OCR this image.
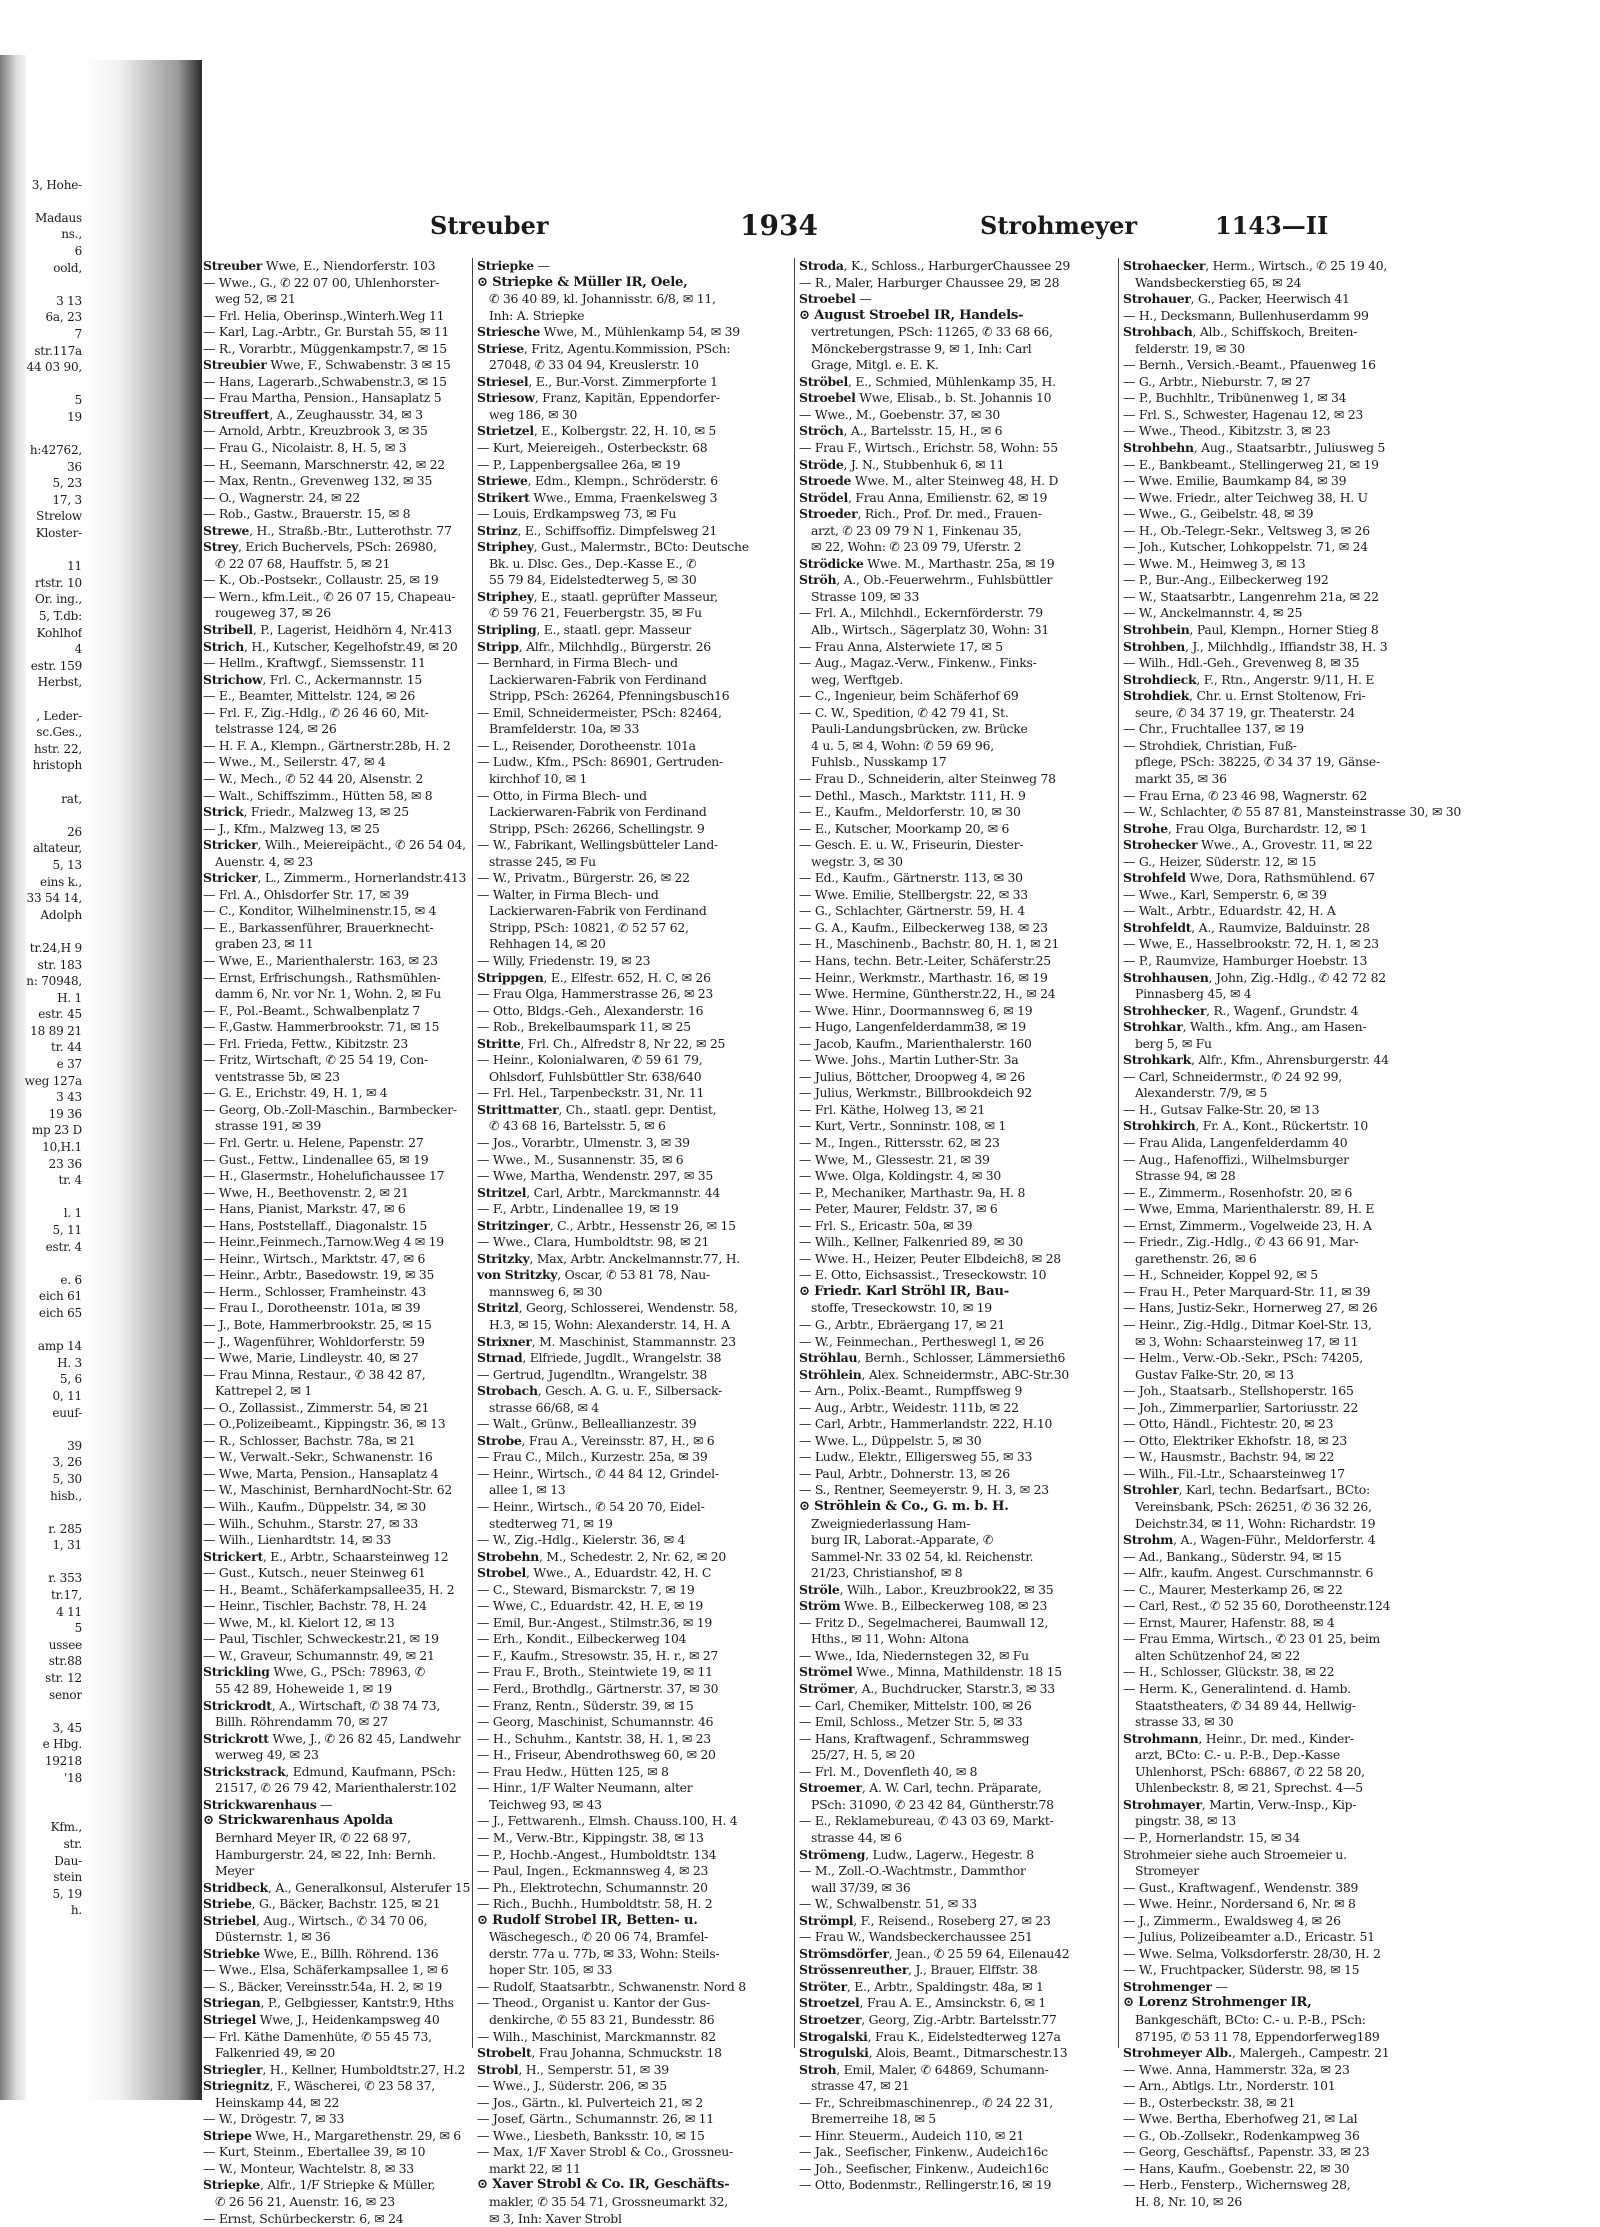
3, Hohe-
Madaus
ns.,
6
oold,
3 13
6a, 23
7
str.117a
44 03 90,
5
19
h:42762,
36
5, 23
17, 3
Strelow
Kloster-
11
rtstr. 10
Or. ing.,
5, T.db:
Kohlhof
4
estr. 159
Herbst,
, Leder-
sc.Ges.,
hstr. 22,
hristoph
rat,
26
altateur,
5, 13
eins k.,
33 54 14,
Adolph
tr.24,H 9
str. 183
n: 70948,
H. 1
estr. 45
18 89 21
tr. 44
e 37
weg 127a
3 43
19 36
mp 23 D
10,H.1
23 36
tr. 4
l. 1
5, 11
estr. 4
e. 6
eich 61
eich 65
amp 14
H. 3
5, 6
0, 11
euuf-
39
3, 26
5, 30
hisb.,
r. 285
1, 31
r. 353
tr.17,
4 11
5
ussee
str.88
str. 12
senor
3, 45
e Hbg.
19218
'18
Kfm.,
str.
Dau-
stein
5, 19
h.
Streuber	1934	Strohmeyer	1143—II
Streuber Wwe, E., Niendorferstr. 103
— Wwe., G., ✆ 22 07 00, Uhlenhorster-
weg 52, ✉ 21
— Frl. Helia, Oberinsp.,Winterh.Weg 11
— Karl, Lag.-Arbtr., Gr. Burstah 55, ✉ 11
— R., Vorarbtr., Müggenkampstr.7, ✉ 15
Streubier Wwe, F., Schwabenstr. 3 ✉ 15
— Hans, Lagerarb.,Schwabenstr.3, ✉ 15
— Frau Martha, Pension., Hansaplatz 5
Streuffert, A., Zeughausstr. 34, ✉ 3
— Arnold, Arbtr., Kreuzbrook 3, ✉ 35
— Frau G., Nicolaistr. 8, H. 5, ✉ 3
— H., Seemann, Marschnerstr. 42, ✉ 22
— Max, Rentn., Grevenweg 132, ✉ 35
— O., Wagnerstr. 24, ✉ 22
— Rob., Gastw., Brauerstr. 15, ✉ 8
Strewe, H., Straßb.-Btr., Lutterothstr. 77
Strey, Erich Buchervels, PSch: 26980,
✆ 22 07 68, Hauffstr. 5, ✉ 21
— K., Ob.-Postsekr., Collaustr. 25, ✉ 19
— Wern., kfm.Leit., ✆ 26 07 15, Chapeau-
rougeweg 37, ✉ 26
Stribell, P., Lagerist, Heidhörn 4, Nr.413
Strich, H., Kutscher, Kegelhofstr.49, ✉ 20
— Hellm., Kraftwgf., Siemssenstr. 11
Strichow, Frl. C., Ackermannstr. 15
— E., Beamter, Mittelstr. 124, ✉ 26
— Frl. F., Zig.-Hdlg., ✆ 26 46 60, Mit-
telstrasse 124, ✉ 26
— H. F. A., Klempn., Gärtnerstr.28b, H. 2
— Wwe., M., Seilerstr. 47, ✉ 4
— W., Mech., ✆ 52 44 20, Alsenstr. 2
— Walt., Schiffszimm., Hütten 58, ✉ 8
Strick, Friedr., Malzweg 13, ✉ 25
— J., Kfm., Malzweg 13, ✉ 25
Stricker, Wilh., Meiereipächt., ✆ 26 54 04,
Auenstr. 4, ✉ 23
Stricker, L., Zimmerm., Hornerlandstr.413
— Frl. A., Ohlsdorfer Str. 17, ✉ 39
— C., Konditor, Wilhelminenstr.15, ✉ 4
— E., Barkassenführer, Brauerknecht-
graben 23, ✉ 11
— Wwe, E., Marienthalerstr. 163, ✉ 23
— Ernst, Erfrischungsh., Rathsmühlen-
damm 6, Nr. vor Nr. 1, Wohn. 2, ✉ Fu
— F., Pol.-Beamt., Schwalbenplatz 7
— F.,Gastw. Hammerbrookstr. 71, ✉ 15
— Frl. Frieda, Fettw., Kibitzstr. 23
— Fritz, Wirtschaft, ✆ 25 54 19, Con-
ventstrasse 5b, ✉ 23
— G. E., Erichstr. 49, H. 1, ✉ 4
— Georg, Ob.-Zoll-Maschin., Barmbecker-
strasse 191, ✉ 39
— Frl. Gertr. u. Helene, Papenstr. 27
— Gust., Fettw., Lindenallee 65, ✉ 19
— H., Glasermstr., Hohelufichaussee 17
— Wwe, H., Beethovenstr. 2, ✉ 21
— Hans, Pianist, Markstr. 47, ✉ 6
— Hans, Poststellaff., Diagonalstr. 15
— Heinr.,Feinmech.,Tarnow.Weg 4 ✉ 19
— Heinr., Wirtsch., Marktstr. 47, ✉ 6
— Heinr., Arbtr., Basedowstr. 19, ✉ 35
— Herm., Schlosser, Framheinstr. 43
— Frau I., Dorotheenstr. 101a, ✉ 39
— J., Bote, Hammerbrookstr. 25, ✉ 15
— J., Wagenführer, Wohldorferstr. 59
— Wwe, Marie, Lindleystr. 40, ✉ 27
— Frau Minna, Restaur., ✆ 38 42 87,
Kattrepel 2, ✉ 1
— O., Zollassist., Zimmerstr. 54, ✉ 21
— O.,Polizeibeamt., Kippingstr. 36, ✉ 13
— R., Schlosser, Bachstr. 78a, ✉ 21
— W., Verwalt.-Sekr., Schwanenstr. 16
— Wwe, Marta, Pension., Hansaplatz 4
— W., Maschinist, BernhardNocht-Str. 62
— Wilh., Kaufm., Düppelstr. 34, ✉ 30
— Wilh., Schuhm., Starstr. 27, ✉ 33
— Wilh., Lienhardtstr. 14, ✉ 33
Strickert, E., Arbtr., Schaarsteinweg 12
— Gust., Kutsch., neuer Steinweg 61
— H., Beamt., Schäferkampsallee35, H. 2
— Heinr., Tischler, Bachstr. 78, H. 24
— Wwe, M., kl. Kielort 12, ✉ 13
— Paul, Tischler, Schweckestr.21, ✉ 19
— W., Graveur, Schumannstr. 49, ✉ 21
Strickling Wwe, G., PSch: 78963, ✆
55 42 89, Hoheweide 1, ✉ 19
Strickrodt, A., Wirtschaft, ✆ 38 74 73,
Billh. Röhrendamm 70, ✉ 27
Strickrott Wwe, J., ✆ 26 82 45, Landwehr
werweg 49, ✉ 23
Strickstrack, Edmund, Kaufmann, PSch:
21517, ✆ 26 79 42, Marienthalerstr.102
Strickwarenhaus —
⊙ Strickwarenhaus Apolda
Bernhard Meyer IR, ✆ 22 68 97,
Hamburgerstr. 24, ✉ 22, Inh: Bernh.
Meyer
Stridbeck, A., Generalkonsul, Alsterufer 15
Striebe, G., Bäcker, Bachstr. 125, ✉ 21
Striebel, Aug., Wirtsch., ✆ 34 70 06,
Düsternstr. 1, ✉ 36
Striebke Wwe, E., Billh. Röhrend. 136
— Wwe., Elsa, Schäferkampsallee 1, ✉ 6
— S., Bäcker, Vereinsstr.54a, H. 2, ✉ 19
Striegan, P., Gelbgiesser, Kantstr.9, Hths
Striegel Wwe, J., Heidenkampsweg 40
— Frl. Käthe Damenhüte, ✆ 55 45 73,
Falkenried 49, ✉ 20
Striegler, H., Kellner, Humboldtstr.27, H.2
Striegnitz, F., Wäscherei, ✆ 23 58 37,
Heinskamp 44, ✉ 22
— W., Drögestr. 7, ✉ 33
Striepe Wwe, H., Margarethenstr. 29, ✉ 6
— Kurt, Steinm., Ebertallee 39, ✉ 10
— W., Monteur, Wachtelstr. 8, ✉ 33
Striepke, Alfr., 1/F Striepke & Müller,
✆ 26 56 21, Auenstr. 16, ✉ 23
— Ernst, Schürbeckerstr. 6, ✉ 24
Striepke —
⊙ Striepke & Müller IR, Oele,
✆ 36 40 89, kl. Johannisstr. 6/8, ✉ 11,
Inh: A. Striepke
Striesche Wwe, M., Mühlenkamp 54, ✉ 39
Striese, Fritz, Agentu.Kommission, PSch:
27048, ✆ 33 04 94, Kreuslerstr. 10
Striesel, E., Bur.-Vorst. Zimmerpforte 1
Striesow, Franz, Kapitän, Eppendorfer-
weg 186, ✉ 30
Strietzel, E., Kolbergstr. 22, H. 10, ✉ 5
— Kurt, Meiereigeh., Osterbeckstr. 68
— P., Lappenbergsallee 26a, ✉ 19
Striewe, Edm., Klempn., Schröderstr. 6
Strikert Wwe., Emma, Fraenkelsweg 3
— Louis, Erdkampsweg 73, ✉ Fu
Strinz, E., Schiffsoffiz. Dimpfelsweg 21
Striphey, Gust., Malermstr., BCto: Deutsche
Bk. u. Dlsc. Ges., Dep.-Kasse E., ✆
55 79 84, Eidelstedterweg 5, ✉ 30
Striphey, E., staatl. geprüfter Masseur,
✆ 59 76 21, Feuerbergstr. 35, ✉ Fu
Stripling, E., staatl. gepr. Masseur
Stripp, Alfr., Milchhdlg., Bürgerstr. 26
— Bernhard, in Firma Blech- und
Lackierwaren-Fabrik von Ferdinand
Stripp, PSch: 26264, Pfenningsbusch16
— Emil, Schneidermeister, PSch: 82464,
Bramfelderstr. 10a, ✉ 33
— L., Reisender, Dorotheenstr. 101a
— Ludw., Kfm., PSch: 86901, Gertruden-
kirchhof 10, ✉ 1
— Otto, in Firma Blech- und
Lackierwaren-Fabrik von Ferdinand
Stripp, PSch: 26266, Schellingstr. 9
— W., Fabrikant, Wellingsbütteler Land-
strasse 245, ✉ Fu
— W., Privatm., Bürgerstr. 26, ✉ 22
— Walter, in Firma Blech- und
Lackierwaren-Fabrik von Ferdinand
Stripp, PSch: 10821, ✆ 52 57 62,
Rehhagen 14, ✉ 20
— Willy, Friedenstr. 19, ✉ 23
Strippgen, E., Elfestr. 652, H. C, ✉ 26
— Frau Olga, Hammerstrasse 26, ✉ 23
— Otto, Bldgs.-Geh., Alexanderstr. 16
— Rob., Brekelbaumspark 11, ✉ 25
Stritte, Frl. Ch., Alfredstr 8, Nr 22, ✉ 25
— Heinr., Kolonialwaren, ✆ 59 61 79,
Ohlsdorf, Fuhlsbüttler Str. 638/640
— Frl. Hel., Tarpenbeckstr. 31, Nr. 11
Strittmatter, Ch., staatl. gepr. Dentist,
✆ 43 68 16, Bartelsstr. 5, ✉ 6
— Jos., Vorarbtr., Ulmenstr. 3, ✉ 39
— Wwe., M., Susannenstr. 35, ✉ 6
— Wwe, Martha, Wendenstr. 297, ✉ 35
Stritzel, Carl, Arbtr., Marckmannstr. 44
— F., Arbtr., Lindenallee 19, ✉ 19
Stritzinger, C., Arbtr., Hessenstr 26, ✉ 15
— Wwe., Clara, Humboldtstr. 98, ✉ 21
Stritzky, Max, Arbtr. Anckelmannstr.77, H.
von Stritzky, Oscar, ✆ 53 81 78, Nau-
mannsweg 6, ✉ 30
Stritzl, Georg, Schlosserei, Wendenstr. 58,
H.3, ✉ 15, Wohn: Alexanderstr. 14, H. A
Strixner, M. Maschinist, Stammannstr. 23
Strnad, Elfriede, Jugdlt., Wrangelstr. 38
— Gertrud, Jugendltn., Wrangelstr. 38
Strobach, Gesch. A. G. u. F., Silbersack-
strasse 66/68, ✉ 4
— Walt., Grünw., Belleallianzestr. 39
Strobe, Frau A., Vereinsstr. 87, H., ✉ 6
— Frau C., Milch., Kurzestr. 25a, ✉ 39
— Heinr., Wirtsch., ✆ 44 84 12, Grindel-
allee 1, ✉ 13
— Heinr., Wirtsch., ✆ 54 20 70, Eidel-
stedterweg 71, ✉ 19
— W., Zig.-Hdlg., Kielerstr. 36, ✉ 4
Strobehn, M., Schedestr. 2, Nr. 62, ✉ 20
Strobel, Wwe., A., Eduardstr. 42, H. C
— C., Steward, Bismarckstr. 7, ✉ 19
— Wwe, C., Eduardstr. 42, H. E, ✉ 19
— Emil, Bur.-Angest., Stilmstr.36, ✉ 19
— Erh., Kondit., Eilbeckerweg 104
— F., Kaufm., Stresowstr. 35, H. r., ✉ 27
— Frau F., Broth., Steintwiete 19, ✉ 11
— Ferd., Brothdlg., Gärtnerstr. 37, ✉ 30
— Franz, Rentn., Süderstr. 39, ✉ 15
— Georg, Maschinist, Schumannstr. 46
— H., Schuhm., Kantstr. 38, H. 1, ✉ 23
— H., Friseur, Abendrothsweg 60, ✉ 20
— Frau Hedw., Hütten 125, ✉ 8
— Hinr., 1/F Walter Neumann, alter
Teichweg 93, ✉ 43
— J., Fettwarenh., Elmsh. Chauss.100, H. 4
— M., Verw.-Btr., Kippingstr. 38, ✉ 13
— P., Hochb.-Angest., Humboldtstr. 134
— Paul, Ingen., Eckmannsweg 4, ✉ 23
— Ph., Elektrotechn, Schumannstr. 20
— Rich., Buchh., Humboldtstr. 58, H. 2
⊙ Rudolf Strobel IR, Betten- u.
Wäschegesch., ✆ 20 06 74, Bramfel-
derstr. 77a u. 77b, ✉ 33, Wohn: Steils-
hoper Str. 105, ✉ 33
— Rudolf, Staatsarbtr., Schwanenstr. Nord 8
— Theod., Organist u. Kantor der Gus-
denkirche, ✆ 55 83 21, Bundesstr. 86
— Wilh., Maschinist, Marckmannstr. 82
Strobelt, Frau Johanna, Schmuckstr. 18
Strobl, H., Semperstr. 51, ✉ 39
— Wwe., J., Süderstr. 206, ✉ 35
— Jos., Gärtn., kl. Pulverteich 21, ✉ 2
— Josef, Gärtn., Schumannstr. 26, ✉ 11
— Wwe., Liesbeth, Banksstr. 10, ✉ 15
— Max, 1/F Xaver Strobl & Co., Grossneu-
markt 22, ✉ 11
⊙ Xaver Strobl & Co. IR, Geschäfts-
makler, ✆ 35 54 71, Grossneumarkt 32,
✉ 3, Inh: Xaver Strobl
Stroda, K., Schloss., HarburgerChaussee 29
— R., Maler, Harburger Chaussee 29, ✉ 28
Stroebel —
⊙ August Stroebel IR, Handels-
vertretungen, PSch: 11265, ✆ 33 68 66,
Mönckebergstrasse 9, ✉ 1, Inh: Carl
Grage, Mitgl. e. E. K.
Ströbel, E., Schmied, Mühlenkamp 35, H.
Stroebel Wwe, Elisab., b. St. Johannis 10
— Wwe., M., Goebenstr. 37, ✉ 30
Ströch, A., Bartelsstr. 15, H., ✉ 6
— Frau F., Wirtsch., Erichstr. 58, Wohn: 55
Ströde, J. N., Stubbenhuk 6, ✉ 11
Stroede Wwe. M., alter Steinweg 48, H. D
Strödel, Frau Anna, Emilienstr. 62, ✉ 19
Stroeder, Rich., Prof. Dr. med., Frauen-
arzt, ✆ 23 09 79 N 1, Finkenau 35,
✉ 22, Wohn: ✆ 23 09 79, Uferstr. 2
Strödicke Wwe. M., Marthastr. 25a, ✉ 19
Ströh, A., Ob.-Feuerwehrm., Fuhlsbüttler
Strasse 109, ✉ 33
— Frl. A., Milchhdl., Eckernförderstr. 79
Alb., Wirtsch., Sägerplatz 30, Wohn: 31
— Frau Anna, Alsterwiete 17, ✉ 5
— Aug., Magaz.-Verw., Finkenw., Finks-
weg, Werftgeb.
— C., Ingenieur, beim Schäferhof 69
— C. W., Spedition, ✆ 42 79 41, St.
Pauli-Landungsbrücken, zw. Brücke
4 u. 5, ✉ 4, Wohn: ✆ 59 69 96,
Fuhlsb., Nusskamp 17
— Frau D., Schneiderin, alter Steinweg 78
— Dethl., Masch., Marktstr. 111, H. 9
— E., Kaufm., Meldorferstr. 10, ✉ 30
— E., Kutscher, Moorkamp 20, ✉ 6
— Gesch. E. u. W., Friseurin, Diester-
wegstr. 3, ✉ 30
— Ed., Kaufm., Gärtnerstr. 113, ✉ 30
— Wwe. Emilie, Stellbergstr. 22, ✉ 33
— G., Schlachter, Gärtnerstr. 59, H. 4
— G. A., Kaufm., Eilbeckerweg 138, ✉ 23
— H., Maschinenb., Bachstr. 80, H. 1, ✉ 21
— Hans, techn. Betr.-Leiter, Schäferstr.25
— Heinr., Werkmstr., Marthastr. 16, ✉ 19
— Wwe. Hermine, Güntherstr.22, H., ✉ 24
— Wwe. Hinr., Doormannsweg 6, ✉ 19
— Hugo, Langenfelderdamm38, ✉ 19
— Jacob, Kaufm., Marienthalerstr. 160
— Wwe. Johs., Martin Luther-Str. 3a
— Julius, Böttcher, Droopweg 4, ✉ 26
— Julius, Werkmstr., Billbrookdeich 92
— Frl. Käthe, Holweg 13, ✉ 21
— Kurt, Vertr., Sonninstr. 108, ✉ 1
— M., Ingen., Rittersstr. 62, ✉ 23
— Wwe, M., Glessestr. 21, ✉ 39
— Wwe. Olga, Koldingstr. 4, ✉ 30
— P., Mechaniker, Marthastr. 9a, H. 8
— Peter, Maurer, Feldstr. 37, ✉ 6
— Frl. S., Ericastr. 50a, ✉ 39
— Wilh., Kellner, Falkenried 89, ✉ 30
— Wwe. H., Heizer, Peuter Elbdeich8, ✉ 28
— E. Otto, Eichsassist., Treseckowstr. 10
⊙ Friedr. Karl Ströhl IR, Bau-
stoffe, Treseckowstr. 10, ✉ 19
— G., Arbtr., Ebräergang 17, ✉ 21
— W., Feinmechan., Pertheswegl 1, ✉ 26
Ströhlau, Bernh., Schlosser, Lämmersieth6
Ströhlein, Alex. Schneidermstr., ABC-Str.30
— Arn., Polix.-Beamt., Rumpffsweg 9
— Aug., Arbtr., Weidestr. 111b, ✉ 22
— Carl, Arbtr., Hammerlandstr. 222, H.10
— Wwe. L., Düppelstr. 5, ✉ 30
— Ludw., Elektr., Elligersweg 55, ✉ 33
— Paul, Arbtr., Dohnerstr. 13, ✉ 26
— S., Rentner, Seemeyerstr. 9, H. 3, ✉ 23
⊙ Ströhlein & Co., G. m. b. H.
Zweigniederlassung Ham-
burg IR, Laborat.-Apparate, ✆
Sammel-Nr. 33 02 54, kl. Reichenstr.
21/23, Christianshof, ✉ 8
Ströle, Wilh., Labor., Kreuzbrook22, ✉ 35
Ström Wwe. B., Eilbeckerweg 108, ✉ 23
— Fritz D., Segelmacherei, Baumwall 12,
Hths., ✉ 11, Wohn: Altona
— Wwe., Ida, Niedernstegen 32, ✉ Fu
Strömel Wwe., Minna, Mathildenstr. 18 15
Strömer, A., Buchdrucker, Starstr.3, ✉ 33
— Carl, Chemiker, Mittelstr. 100, ✉ 26
— Emil, Schloss., Metzer Str. 5, ✉ 33
— Hans, Kraftwagenf., Schrammsweg
25/27, H. 5, ✉ 20
— Frl. M., Dovenfleth 40, ✉ 8
Stroemer, A. W. Carl, techn. Präparate,
PSch: 31090, ✆ 23 42 84, Güntherstr.78
— E., Reklamebureau, ✆ 43 03 69, Markt-
strasse 44, ✉ 6
Strömeng, Ludw., Lagerw., Hegestr. 8
— M., Zoll.-O.-Wachtmstr., Dammthor
wall 37/39, ✉ 36
— W., Schwalbenstr. 51, ✉ 33
Strömpl, F., Reisend., Roseberg 27, ✉ 23
— Frau W., Wandsbeckerchaussee 251
Strömsdörfer, Jean., ✆ 25 59 64, Eilenau42
Strössenreuther, J., Brauer, Elffstr. 38
Ströter, E., Arbtr., Spaldingstr. 48a, ✉ 1
Stroetzel, Frau A. E., Amsinckstr. 6, ✉ 1
Stroetzer, Georg, Zig.-Arbtr. Bartelsstr.77
Strogalski, Frau K., Eidelstedterweg 127a
Strogulski, Alois, Beamt., Ditmarschestr.13
Stroh, Emil, Maler, ✆ 64869, Schumann-
strasse 47, ✉ 21
— Fr., Schreibmaschinenrep., ✆ 24 22 31,
Bremerreihe 18, ✉ 5
— Hinr. Steuerm., Audeich 110, ✉ 21
— Jak., Seefischer, Finkenw., Audeich16c
— Joh., Seefischer, Finkenw., Audeich16c
— Otto, Bodenmstr., Rellingerstr.16, ✉ 19
Strohaecker, Herm., Wirtsch., ✆ 25 19 40,
Wandsbeckerstieg 65, ✉ 24
Strohauer, G., Packer, Heerwisch 41
— H., Decksmann, Bullenhuserdamm 99
Strohbach, Alb., Schiffskoch, Breiten-
felderstr. 19, ✉ 30
— Bernh., Versich.-Beamt., Pfauenweg 16
— G., Arbtr., Nieburstr. 7, ✉ 27
— P., Buchhltr., Tribünenweg 1, ✉ 34
— Frl. S., Schwester, Hagenau 12, ✉ 23
— Wwe., Theod., Kibitzstr. 3, ✉ 23
Strohbehn, Aug., Staatsarbtr., Juliusweg 5
— E., Bankbeamt., Stellingerweg 21, ✉ 19
— Wwe. Emilie, Baumkamp 84, ✉ 39
— Wwe. Friedr., alter Teichweg 38, H. U
— Wwe., G., Geibelstr. 48, ✉ 39
— H., Ob.-Telegr.-Sekr., Veltsweg 3, ✉ 26
— Joh., Kutscher, Lohkoppelstr. 71, ✉ 24
— Wwe. M., Heimweg 3, ✉ 13
— P., Bur.-Ang., Eilbeckerweg 192
— W., Staatsarbtr., Langenrehm 21a, ✉ 22
— W., Anckelmannstr. 4, ✉ 25
Strohbein, Paul, Klempn., Horner Stieg 8
Strohben, J., Milchhdlg., Iffiandstr 38, H. 3
— Wilh., Hdl.-Geh., Grevenweg 8, ✉ 35
Strohdieck, F., Rtn., Angerstr. 9/11, H. E
Strohdiek, Chr. u. Ernst Stoltenow, Fri-
seure, ✆ 34 37 19, gr. Theaterstr. 24
— Chr., Fruchtallee 137, ✉ 19
— Strohdiek, Christian, Fuß-
pflege, PSch: 38225, ✆ 34 37 19, Gänse-
markt 35, ✉ 36
— Frau Erna, ✆ 23 46 98, Wagnerstr. 62
— W., Schlachter, ✆ 55 87 81, Mansteinstrasse 30, ✉ 30
Strohe, Frau Olga, Burchardstr. 12, ✉ 1
Strohecker Wwe., A., Grovestr. 11, ✉ 22
— G., Heizer, Süderstr. 12, ✉ 15
Strohfeld Wwe, Dora, Rathsmühlend. 67
— Wwe., Karl, Semperstr. 6, ✉ 39
— Walt., Arbtr., Eduardstr. 42, H. A
Strohfeldt, A., Raumvize, Balduinstr. 28
— Wwe, E., Hasselbrookstr. 72, H. 1, ✉ 23
— P., Raumvize, Hamburger Hoebstr. 13
Strohhausen, John, Zig.-Hdlg., ✆ 42 72 82
Pinnasberg 45, ✉ 4
Strohhecker, R., Wagenf., Grundstr. 4
Strohkar, Walth., kfm. Ang., am Hasen-
berg 5, ✉ Fu
Strohkark, Alfr., Kfm., Ahrensburgerstr. 44
— Carl, Schneidermstr., ✆ 24 92 99,
Alexanderstr. 7/9, ✉ 5
— H., Gutsav Falke-Str. 20, ✉ 13
Strohkirch, Fr. A., Kont., Rückertstr. 10
— Frau Alida, Langenfelderdamm 40
— Aug., Hafenoffizi., Wilhelmsburger
Strasse 94, ✉ 28
— E., Zimmerm., Rosenhofstr. 20, ✉ 6
— Wwe, Emma, Marienthalerstr. 89, H. E
— Ernst, Zimmerm., Vogelweide 23, H. A
— Friedr., Zig.-Hdlg., ✆ 43 66 91, Mar-
garethenstr. 26, ✉ 6
— H., Schneider, Koppel 92, ✉ 5
— Frau H., Peter Marquard-Str. 11, ✉ 39
— Hans, Justiz-Sekr., Hornerweg 27, ✉ 26
— Heinr., Zig.-Hdlg., Ditmar Koel-Str. 13,
✉ 3, Wohn: Schaarsteinweg 17, ✉ 11
— Helm., Verw.-Ob.-Sekr., PSch: 74205,
Gustav Falke-Str. 20, ✉ 13
— Joh., Staatsarb., Stellshoperstr. 165
— Joh., Zimmerparlier, Sartoriusstr. 22
— Otto, Händl., Fichtestr. 20, ✉ 23
— Otto, Elektriker Ekhofstr. 18, ✉ 23
— W., Hausmstr., Bachstr. 94, ✉ 22
— Wilh., Fil.-Ltr., Schaarsteinweg 17
Strohler, Karl, techn. Bedarfsart., BCto:
Vereinsbank, PSch: 26251, ✆ 36 32 26,
Deichstr.34, ✉ 11, Wohn: Richardstr. 19
Strohm, A., Wagen-Führ., Meldorferstr. 4
— Ad., Bankang., Süderstr. 94, ✉ 15
— Alfr., kaufm. Angest. Curschmannstr. 6
— C., Maurer, Mesterkamp 26, ✉ 22
— Carl, Rest., ✆ 52 35 60, Dorotheenstr.124
— Ernst, Maurer, Hafenstr. 88, ✉ 4
— Frau Emma, Wirtsch., ✆ 23 01 25, beim
alten Schützenhof 24, ✉ 22
— H., Schlosser, Glückstr. 38, ✉ 22
— Herm. K., Generalintend. d. Hamb.
Staatstheaters, ✆ 34 89 44, Hellwig-
strasse 33, ✉ 30
Strohmann, Heinr., Dr. med., Kinder-
arzt, BCto: C.- u. P.-B., Dep.-Kasse
Uhlenhorst, PSch: 68867, ✆ 22 58 20,
Uhlenbeckstr. 8, ✉ 21, Sprechst. 4—5
Strohmayer, Martin, Verw.-Insp., Kip-
pingstr. 38, ✉ 13
— P., Hornerlandstr. 15, ✉ 34
Strohmeier siehe auch Stroemeier u.
Stromeyer
— Gust., Kraftwagenf., Wendenstr. 389
— Wwe. Heinr., Nordersand 6, Nr. ✉ 8
— J., Zimmerm., Ewaldsweg 4, ✉ 26
— Julius, Polizeibeamter a.D., Ericastr. 51
— Wwe. Selma, Volksdorferstr. 28/30, H. 2
— W., Fruchtpacker, Süderstr. 98, ✉ 15
Strohmenger —
⊙ Lorenz Strohmenger IR,
Bankgeschäft, BCto: C.- u. P.-B., PSch:
87195, ✆ 53 11 78, Eppendorferweg189
Strohmeyer Alb., Malergeh., Campestr. 21
— Wwe. Anna, Hammerstr. 32a, ✉ 23
— Arn., Abtlgs. Ltr., Norderstr. 101
— B., Osterbeckstr. 38, ✉ 21
— Wwe. Bertha, Eberhofweg 21, ✉ Lal
— G., Ob.-Zollsekr., Rodenkampweg 36
— Georg, Geschäftsf., Papenstr. 33, ✉ 23
— Hans, Kaufm., Goebenstr. 22, ✉ 30
— Herb., Fensterp., Wichernsweg 28,
H. 8, Nr. 10, ✉ 26
